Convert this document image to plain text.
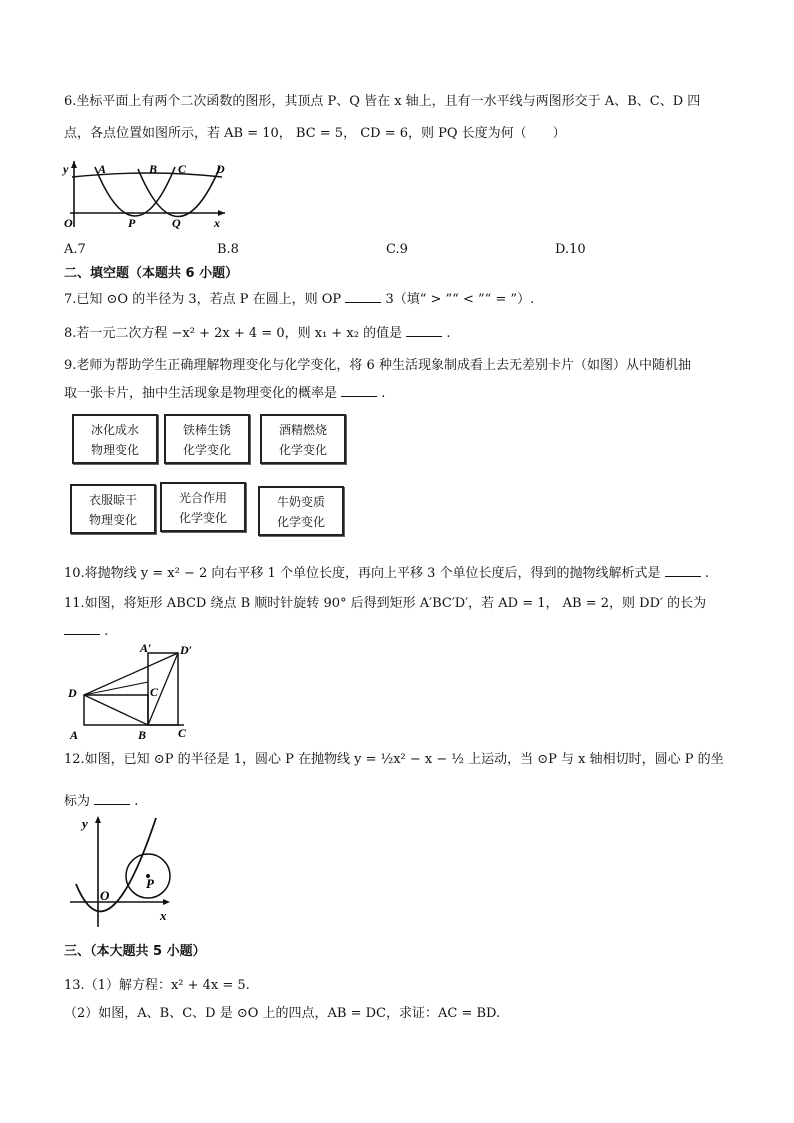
6.坐标平面上有两个二次函数的图形，其顶点 P、Q 皆在 x 轴上，且有一水平线与两图形交于 A、B、C、D 四
点，各点位置如图所示，若 AB = 10， BC = 5， CD = 6，则 PQ 长度为何（　　）
y A	B C D
O	P	Q	x
A.7	B.8	C.9	D.10
二、填空题（本题共 6 小题）
7.已知 ⊙O 的半径为 3，若点 P 在圆上，则 OP	3（填“ > ”“ < ”“ = ”）.
8.若一元二次方程 −x² + 2x + 4 = 0，则 x₁ + x₂ 的值是	.
9.老师为帮助学生正确理解物理变化与化学变化，将 6 种生活现象制成看上去无差别卡片（如图）从中随机抽
取一张卡片，抽中生活现象是物理变化的概率是	.
冰化成水
物理变化
铁棒生锈
化学变化
酒精燃烧
化学变化
衣服晾干
物理变化
光合作用
化学变化
牛奶变质
化学变化
10.将抛物线 y = x² − 2 向右平移 1 个单位长度，再向上平移 3 个单位长度后，得到的抛物线解析式是	.
11.如图，将矩形 ABCD 绕点 B 顺时针旋转 90° 后得到矩形 A′BC′D′，若 AD = 1， AB = 2，则 DD′ 的长为
.
D
A	B	C
A′ D′
C
12.如图，已知 ⊙P 的半径是 1，圆心 P 在抛物线 y = ½x² − x − ½ 上运动，当 ⊙P 与 x 轴相切时，圆心 P 的坐
标为	.
y
O
P
x
三、（本大题共 5 小题）
13.（1）解方程：x² + 4x = 5.
（2）如图，A、B、C、D 是 ⊙O 上的四点，AB = DC，求证：AC = BD.
